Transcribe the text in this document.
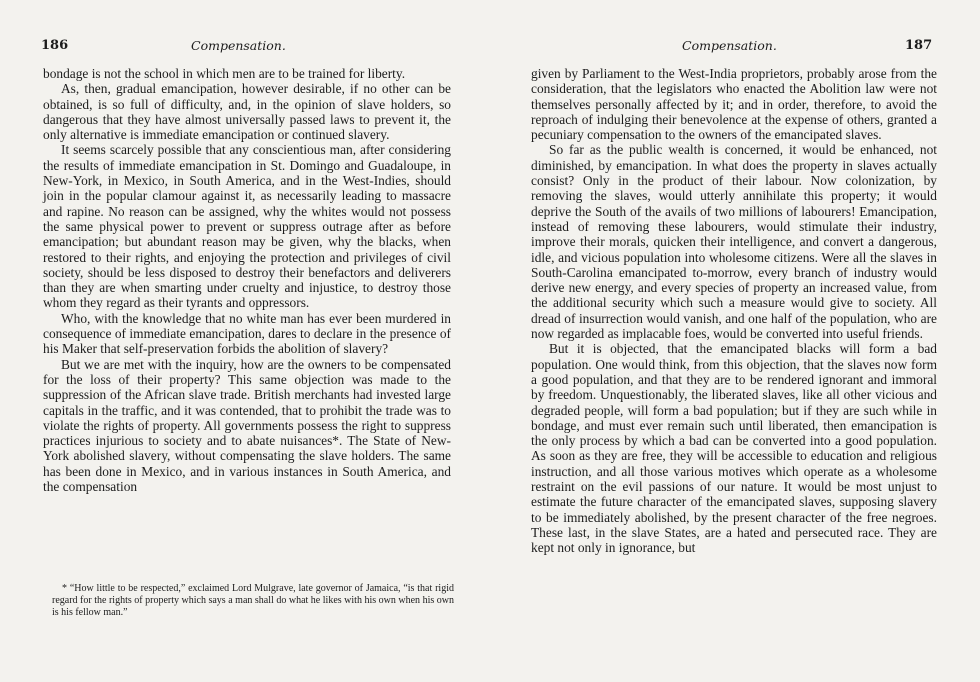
186	Compensation.

bondage is not the school in which men are to be trained for liberty.

As, then, gradual emancipation, however desirable, if no other can be obtained, is so full of difficulty, and, in the opinion of slave holders, so dangerous that they have almost universally passed laws to prevent it, the only alternative is immediate emancipation or continued slavery.

It seems scarcely possible that any conscientious man, after considering the results of immediate emancipation in St. Domingo and Guadaloupe, in New-York, in Mexico, in South America, and in the West-Indies, should join in the popular clamour against it, as necessarily leading to massacre and rapine. No reason can be assigned, why the whites would not possess the same physical power to prevent or suppress outrage after as before emancipation; but abundant reason may be given, why the blacks, when restored to their rights, and enjoying the protection and privileges of civil society, should be less disposed to destroy their benefactors and deliverers than they are when smarting under cruelty and injustice, to destroy those whom they regard as their tyrants and oppressors.

Who, with the knowledge that no white man has ever been murdered in consequence of immediate emancipation, dares to declare in the presence of his Maker that self-preservation forbids the abolition of slavery?

But we are met with the inquiry, how are the owners to be compensated for the loss of their property? This same objection was made to the suppression of the African slave trade. British merchants had invested large capitals in the traffic, and it was contended, that to prohibit the trade was to violate the rights of property. All governments possess the right to suppress practices injurious to society and to abate nuisances*. The State of New-York abolished slavery, without compensating the slave holders. The same has been done in Mexico, and in various instances in South America, and the compensation

* “How little to be respected,” exclaimed Lord Mulgrave, late governor of Jamaica, “is that rigid regard for the rights of property which says a man shall do what he likes with his own when his own is his fellow man.”
Compensation.	187

given by Parliament to the West-India proprietors, probably arose from the consideration, that the legislators who enacted the Abolition law were not themselves personally affected by it; and in order, therefore, to avoid the reproach of indulging their benevolence at the expense of others, granted a pecuniary compensation to the owners of the emancipated slaves.

So far as the public wealth is concerned, it would be enhanced, not diminished, by emancipation. In what does the property in slaves actually consist? Only in the product of their labour. Now colonization, by removing the slaves, would utterly annihilate this property; it would deprive the South of the avails of two millions of labourers! Emancipation, instead of removing these labourers, would stimulate their industry, improve their morals, quicken their intelligence, and convert a dangerous, idle, and vicious population into wholesome citizens. Were all the slaves in South-Carolina emancipated to-morrow, every branch of industry would derive new energy, and every species of property an increased value, from the additional security which such a measure would give to society. All dread of insurrection would vanish, and one half of the population, who are now regarded as implacable foes, would be converted into useful friends.

But it is objected, that the emancipated blacks will form a bad population. One would think, from this objection, that the slaves now form a good population, and that they are to be rendered ignorant and immoral by freedom. Unquestionably, the liberated slaves, like all other vicious and degraded people, will form a bad population; but if they are such while in bondage, and must ever remain such until liberated, then emancipation is the only process by which a bad can be converted into a good population. As soon as they are free, they will be accessible to education and religious instruction, and all those various motives which operate as a wholesome restraint on the evil passions of our nature. It would be most unjust to estimate the future character of the emancipated slaves, supposing slavery to be immediately abolished, by the present character of the free negroes. These last, in the slave States, are a hated and persecuted race. They are kept not only in ignorance, but
